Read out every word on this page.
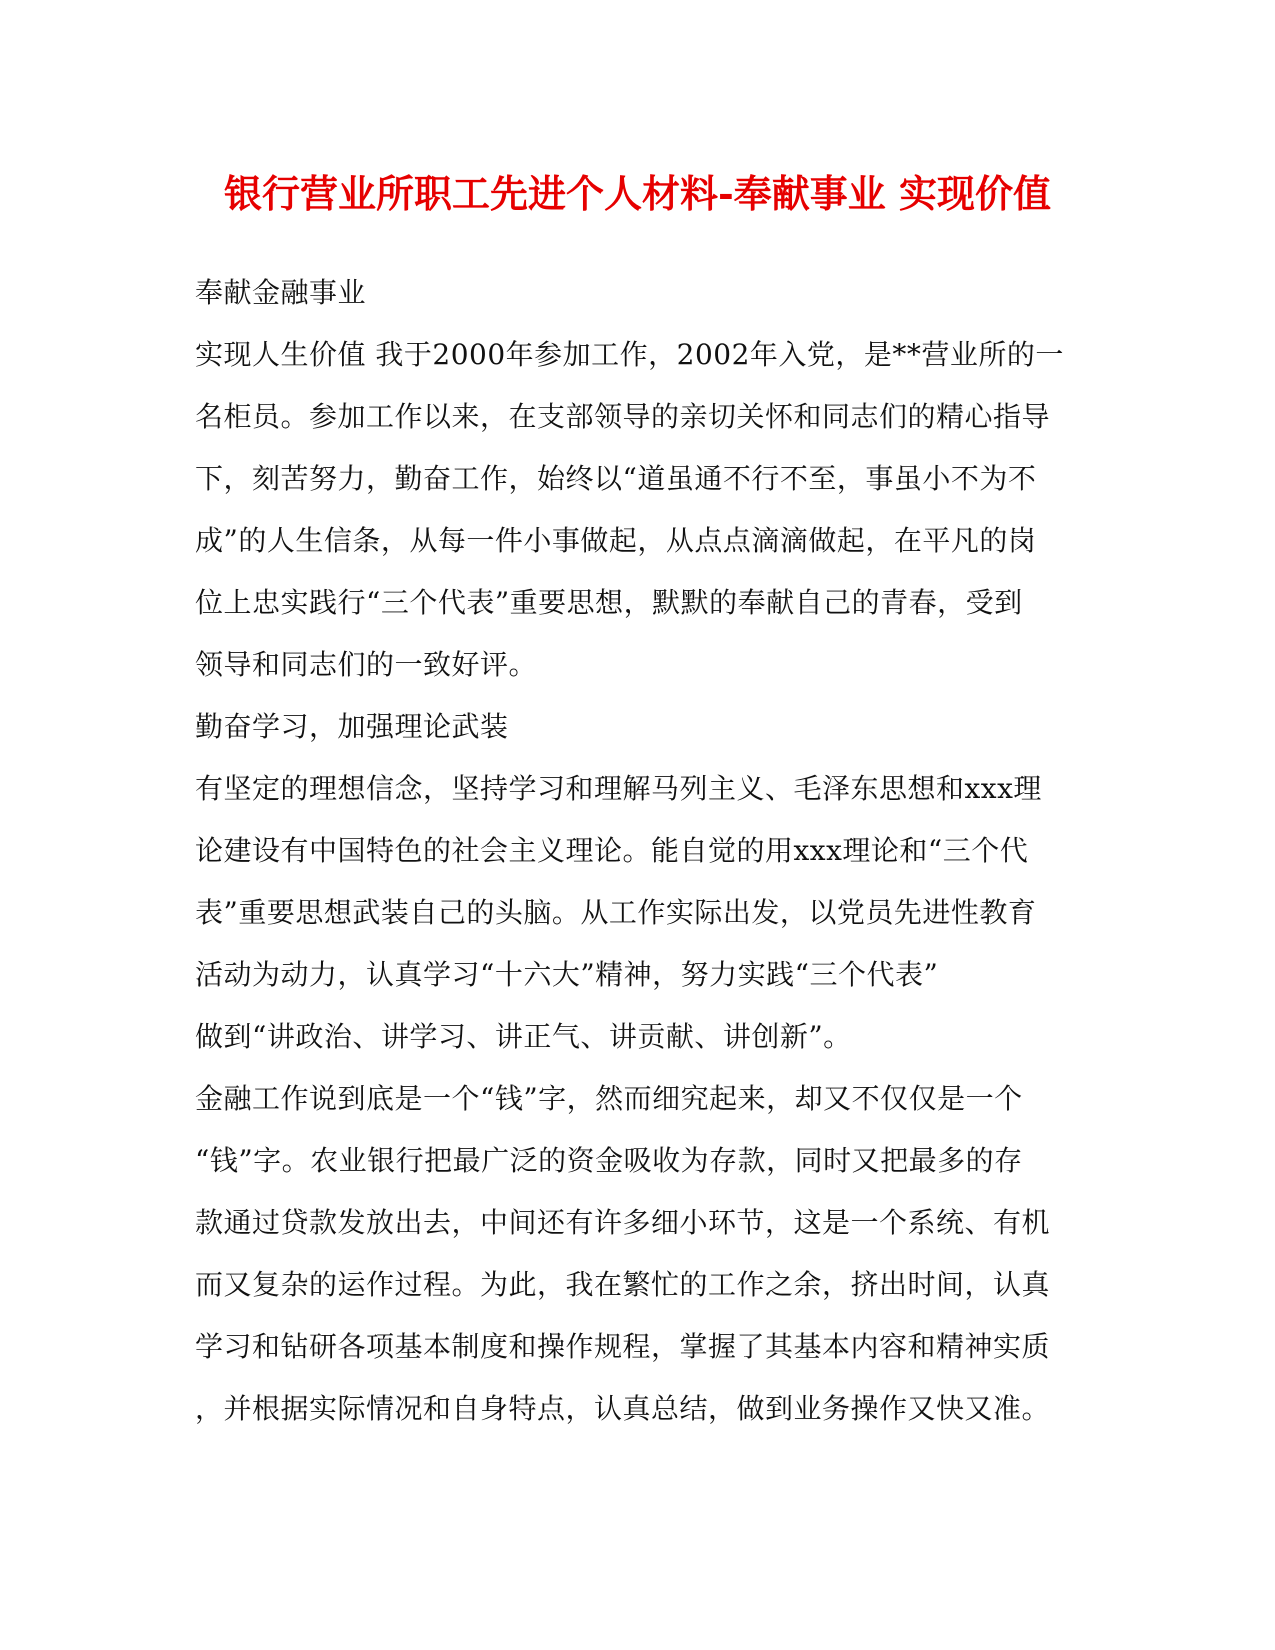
银行营业所职工先进个人材料-奉献事业 实现价值
奉献金融事业
实现人生价值 我于2000年参加工作，2002年入党，是**营业所的一
名柜员。参加工作以来，在支部领导的亲切关怀和同志们的精心指导
下，刻苦努力，勤奋工作，始终以“道虽通不行不至，事虽小不为不
成”的人生信条，从每一件小事做起，从点点滴滴做起，在平凡的岗
位上忠实践行“三个代表”重要思想，默默的奉献自己的青春，受到
领导和同志们的一致好评。
勤奋学习，加强理论武装
有坚定的理想信念，坚持学习和理解马列主义、毛泽东思想和xxx理
论建设有中国特色的社会主义理论。能自觉的用xxx理论和“三个代
表”重要思想武装自己的头脑。从工作实际出发，以党员先进性教育
活动为动力，认真学习“十六大”精神，努力实践“三个代表”
做到“讲政治、讲学习、讲正气、讲贡献、讲创新”。
金融工作说到底是一个“钱”字，然而细究起来，却又不仅仅是一个
“钱”字。农业银行把最广泛的资金吸收为存款，同时又把最多的存
款通过贷款发放出去，中间还有许多细小环节，这是一个系统、有机
而又复杂的运作过程。为此，我在繁忙的工作之余，挤出时间，认真
学习和钻研各项基本制度和操作规程，掌握了其基本内容和精神实质
，并根据实际情况和自身特点，认真总结，做到业务操作又快又准。
